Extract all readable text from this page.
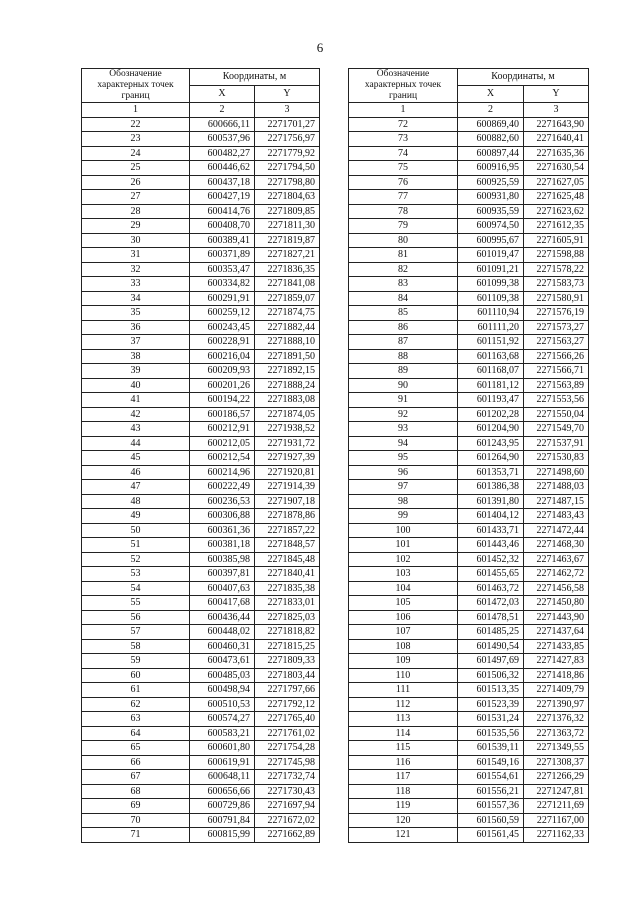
6
Обозначение характерных точек границ	Координаты, м	
	X	Y
1	2	3
22	600666,11	2271701,27
23	600537,96	2271756,97
24	600482,27	2271779,92
25	600446,62	2271794,50
26	600437,18	2271798,80
27	600427,19	2271804,63
28	600414,76	2271809,85
29	600408,70	2271811,30
30	600389,41	2271819,87
31	600371,89	2271827,21
32	600353,47	2271836,35
33	600334,82	2271841,08
34	600291,91	2271859,07
35	600259,12	2271874,75
36	600243,45	2271882,44
37	600228,91	2271888,10
38	600216,04	2271891,50
39	600209,93	2271892,15
40	600201,26	2271888,24
41	600194,22	2271883,08
42	600186,57	2271874,05
43	600212,91	2271938,52
44	600212,05	2271931,72
45	600212,54	2271927,39
46	600214,96	2271920,81
47	600222,49	2271914,39
48	600236,53	2271907,18
49	600306,88	2271878,86
50	600361,36	2271857,22
51	600381,18	2271848,57
52	600385,98	2271845,48
53	600397,81	2271840,41
54	600407,63	2271835,38
55	600417,68	2271833,01
56	600436,44	2271825,03
57	600448,02	2271818,82
58	600460,31	2271815,25
59	600473,61	2271809,33
60	600485,03	2271803,44
61	600498,94	2271797,66
62	600510,53	2271792,12
63	600574,27	2271765,40
64	600583,21	2271761,02
65	600601,80	2271754,28
66	600619,91	2271745,98
67	600648,11	2271732,74
68	600656,66	2271730,43
69	600729,86	2271697,94
70	600791,84	2271672,02
71	600815,99	2271662,89
Обозначение характерных точек границ	Координаты, м	
	X	Y
1	2	3
72	600869,40	2271643,90
73	600882,60	2271640,41
74	600897,44	2271635,36
75	600916,95	2271630,54
76	600925,59	2271627,05
77	600931,80	2271625,48
78	600935,59	2271623,62
79	600974,50	2271612,35
80	600995,67	2271605,91
81	601019,47	2271598,88
82	601091,21	2271578,22
83	601099,38	2271583,73
84	601109,38	2271580,91
85	601110,94	2271576,19
86	601111,20	2271573,27
87	601151,92	2271563,27
88	601163,68	2271566,26
89	601168,07	2271566,71
90	601181,12	2271563,89
91	601193,47	2271553,56
92	601202,28	2271550,04
93	601204,90	2271549,70
94	601243,95	2271537,91
95	601264,90	2271530,83
96	601353,71	2271498,60
97	601386,38	2271488,03
98	601391,80	2271487,15
99	601404,12	2271483,43
100	601433,71	2271472,44
101	601443,46	2271468,30
102	601452,32	2271463,67
103	601455,65	2271462,72
104	601463,72	2271456,58
105	601472,03	2271450,80
106	601478,51	2271443,90
107	601485,25	2271437,64
108	601490,54	2271433,85
109	601497,69	2271427,83
110	601506,32	2271418,86
111	601513,35	2271409,79
112	601523,39	2271390,97
113	601531,24	2271376,32
114	601535,56	2271363,72
115	601539,11	2271349,55
116	601549,16	2271308,37
117	601554,61	2271266,29
118	601556,21	2271247,81
119	601557,36	2271211,69
120	601560,59	2271167,00
121	601561,45	2271162,33
